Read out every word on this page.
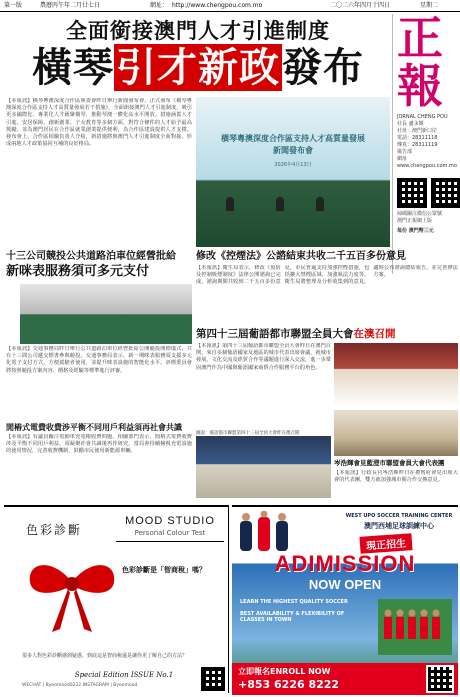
第一版	農曆丙午年二月廿七日	網址： http://www.chengpou.com.mo	二〇二六年四月十四日	星期二
全面銜接澳門人才引進制度
橫琴引才新政發布
正
報
JORNAL CHENG POU
社長 盧永輝
社址：澳門新口岸
電話：28311118
傳真：28311119
廣告部
網址 www.chengpou.com.mo
掃碼關注微信公眾號
澳門正報網上版
每份 澳門幣三元
【本報訊】橫琴粵澳深度合作區執委會昨日舉行新聞發布會，正式發布《橫琴粵澳深度合作區支持人才高質量發展若干措施》，全面銜接澳門人才引進制度，吸引更多國際化、專業化人才匯聚橫琴，推動琴澳一體化高水平開放。措施涵蓋人才引進、安居保障、創新創業、子女教育等多個方面，對符合條件的人才給予最高獎勵，並為澳門居民在合作區就業創業提供便利，為合作區建設提供人才支撐。發布會上，合作區相關負責人介紹，新措施將與澳門人才引進制度全面對接，形成兩地人才政策協同互補的良好格局。
橫琴粵澳深度合作區支持人才高質量發展
新聞發布會
2026年4月13日
十三公司競投公共道路泊車位經營批給
新咪表服務須可多元支付
【本報訊】交通事務局昨日舉行公共道路泊車位經營批給公開競投開標儀式，共有十三間公司遞交標書參與競投。交通事務局表示，新一期咪表服務須支援多元化電子支付方式，方便駕駛者使用，並提升咪表設施的智能化水平。評標委員會將按照競投方案內容、價格及經驗等標準進行評審。
閒樁式電費收費涉平衡不同用戶利益須再社會共識
【本報訊】有議員關注電動車充電樁收費問題。相關部門表示，閒樁式電費收費涉及平衡不同用戶利益，須凝聚社會共識後再作研究，當局會持續檢視充電設施的使用情況，完善收費機制，鼓勵市民使用新能源車輛。
修改《控煙法》公諮結束共收二千五百多份意見
【本報訊】衛生局表示，修改《預防及控制吸煙制度》法律公開諮詢已完成，諮詢期間共收到二千五百多份意見，市民普遍支持加強控煙措施，包括擴大禁煙區域、加強執法力度等。衛生局將整理及分析收集到的意見，適時公布諮詢總結報告，並完善修法方案。
第四十三屆葡語都市聯盟全員大會在澳召開
【本報訊】第四十三屆葡語都市聯盟全員大會昨日在澳門召開，來自多個葡語國家及地區的城市代表出席會議，就城市發展、文化交流及經貿合作等議題進行深入交流，進一步鞏固澳門作為中國與葡語國家商貿合作服務平台的角色。
圖說：葡語都市聯盟第四十三屆全員大會昨在澳召開
岑浩輝會見藍澄市聯盟會員大會代表團
【本報訊】行政長官岑浩輝昨日在禮賓府會見出席大會的代表團，雙方就加強城市間合作交換意見。
MOOD STUDIO
Personal Colour Test
色彩診斷
色彩診斷是「智商稅」嗎？
很多人對色彩診斷感到疑惑，到底這是智商稅還是讓你更了解自己的方法？
Special Edition ISSUE No.1
WECHAT | Byeomood0222 INSTAGRAM | Byeomood
WEST UPO SOCCER TRAINING CENTER
澳門西埔足球訓練中心
現正招生
ADIMISSION
NOW OPEN
LEARN THE HIGHEST QUALITY SOCCER
BEST AVAILABILITY & FLEXIBILITY OF CLASSES IN TOWN
立即報名ENROLL NOW
+853 6226 8222
